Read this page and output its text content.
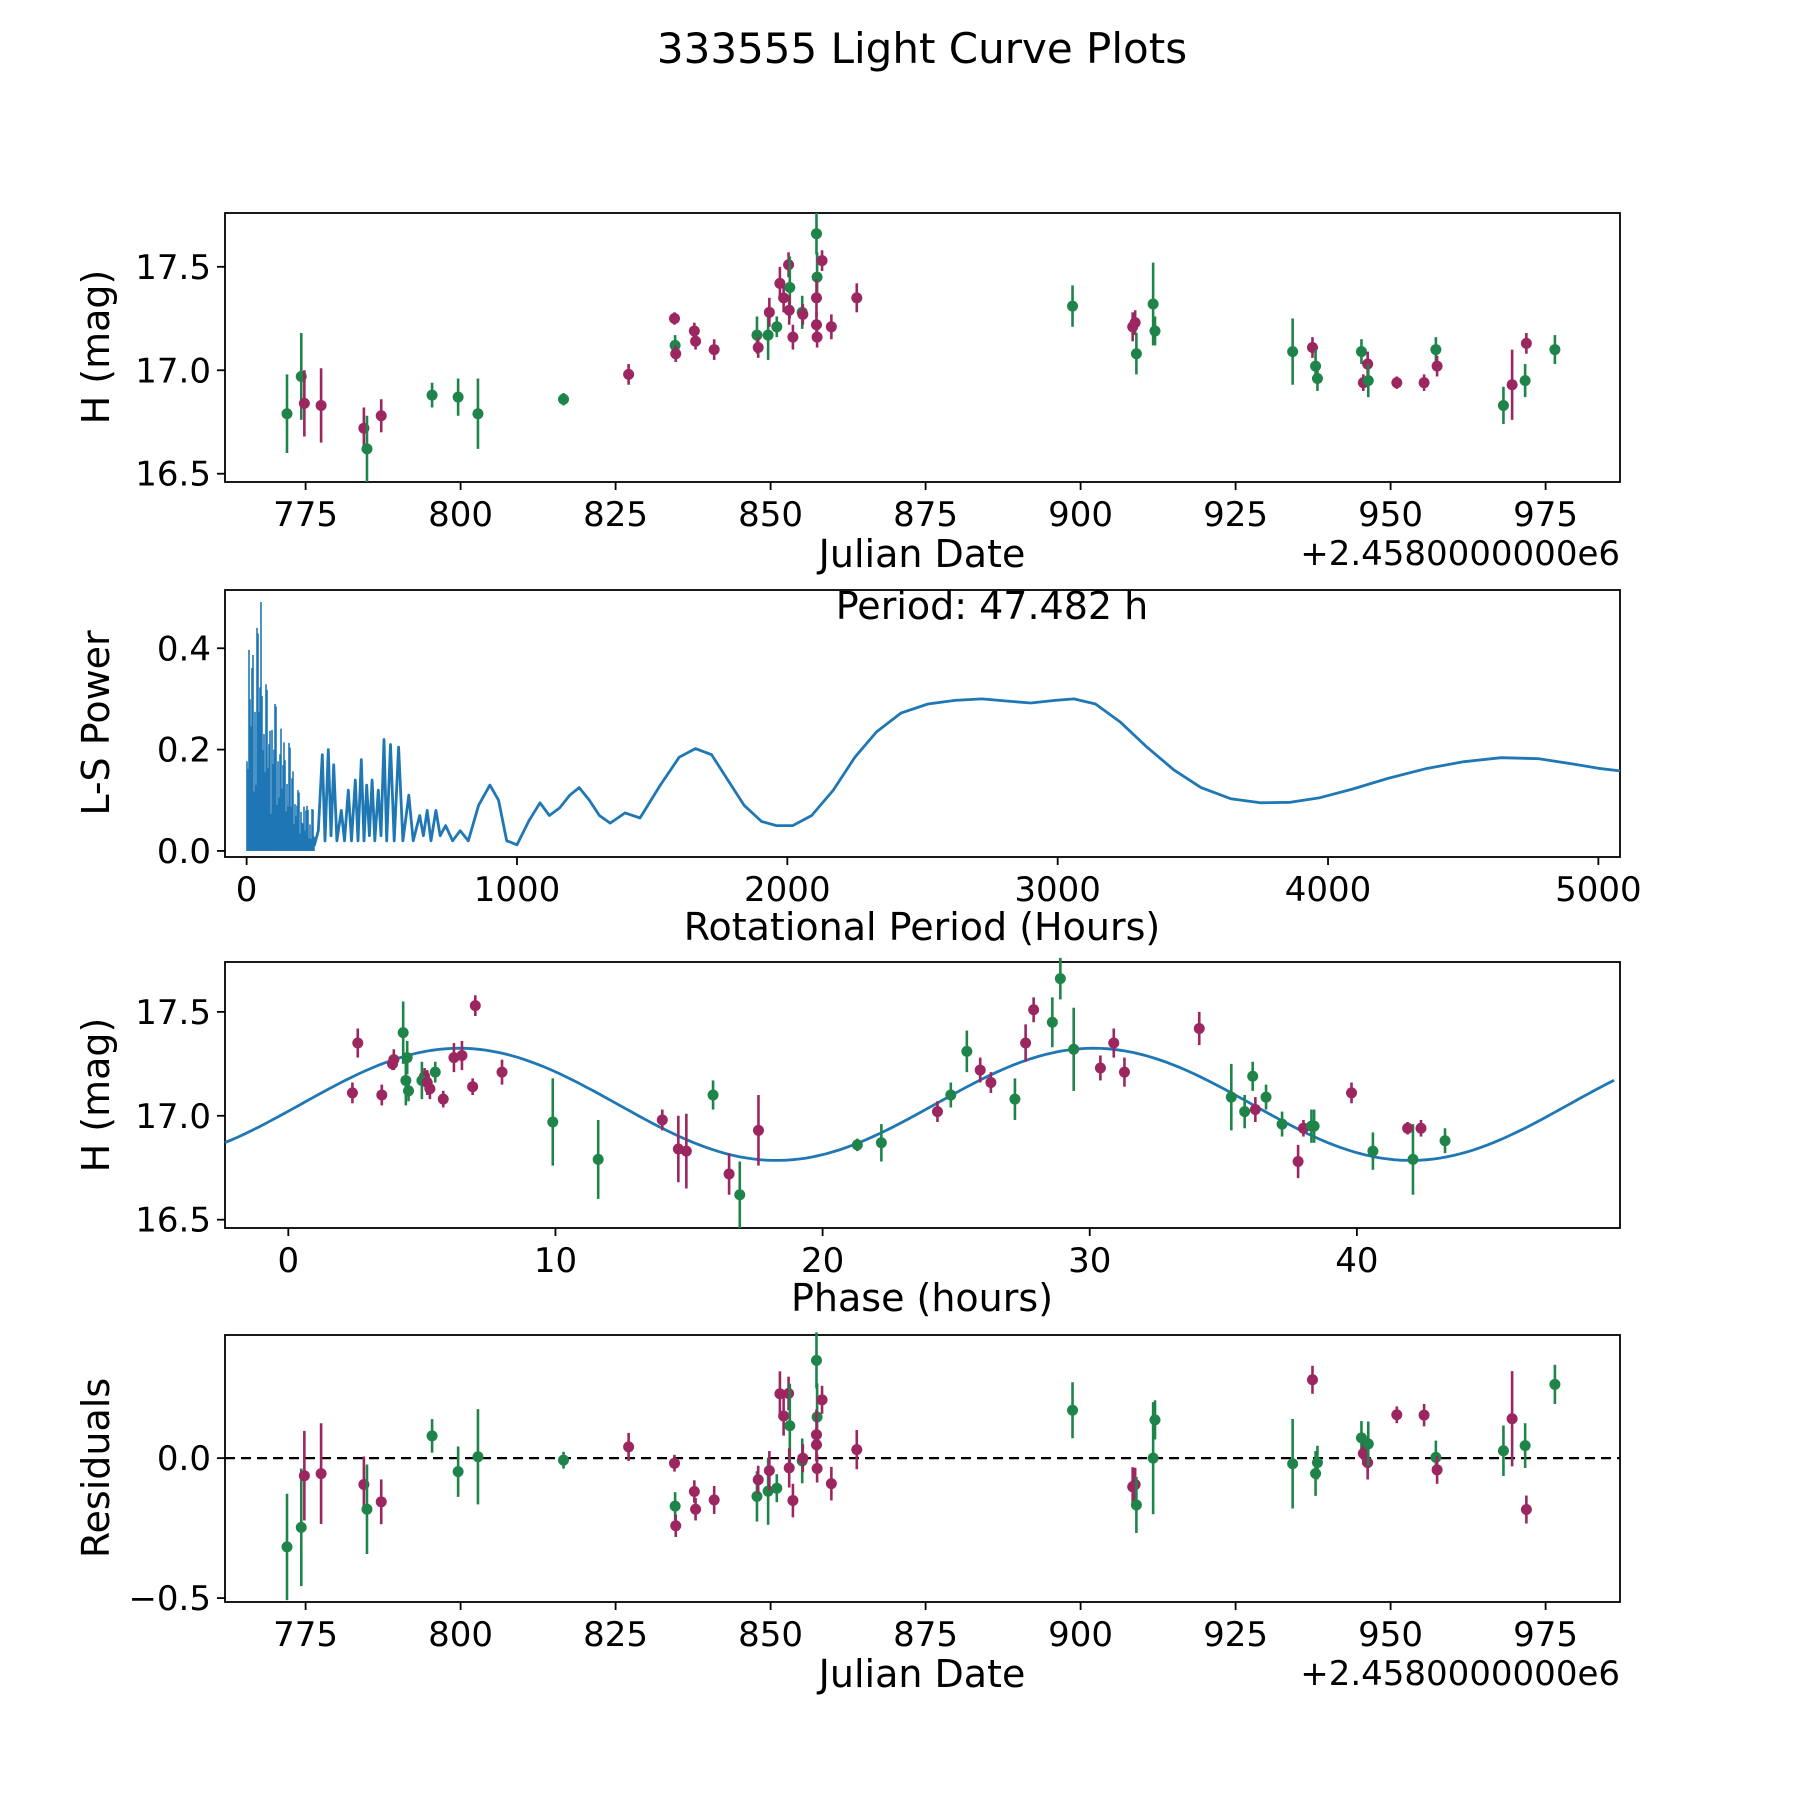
775	800	825	850	875	900	925	950	975
16.5
17.0
17.5
0	1000	2000	3000	4000	5000
0.0
0.2
0.4
0	10	20	30	40
16.5
17.0
17.5
775	800	825	850	875	900	925	950	975
−0.5
0.0
333555 Light Curve Plots
H (mag)
Julian Date	+2.4580000000e6
L-S Power
Period: 47.482 h
Rotational Period (Hours)
H (mag)
Phase (hours)
Residuals
Julian Date	+2.4580000000e6
